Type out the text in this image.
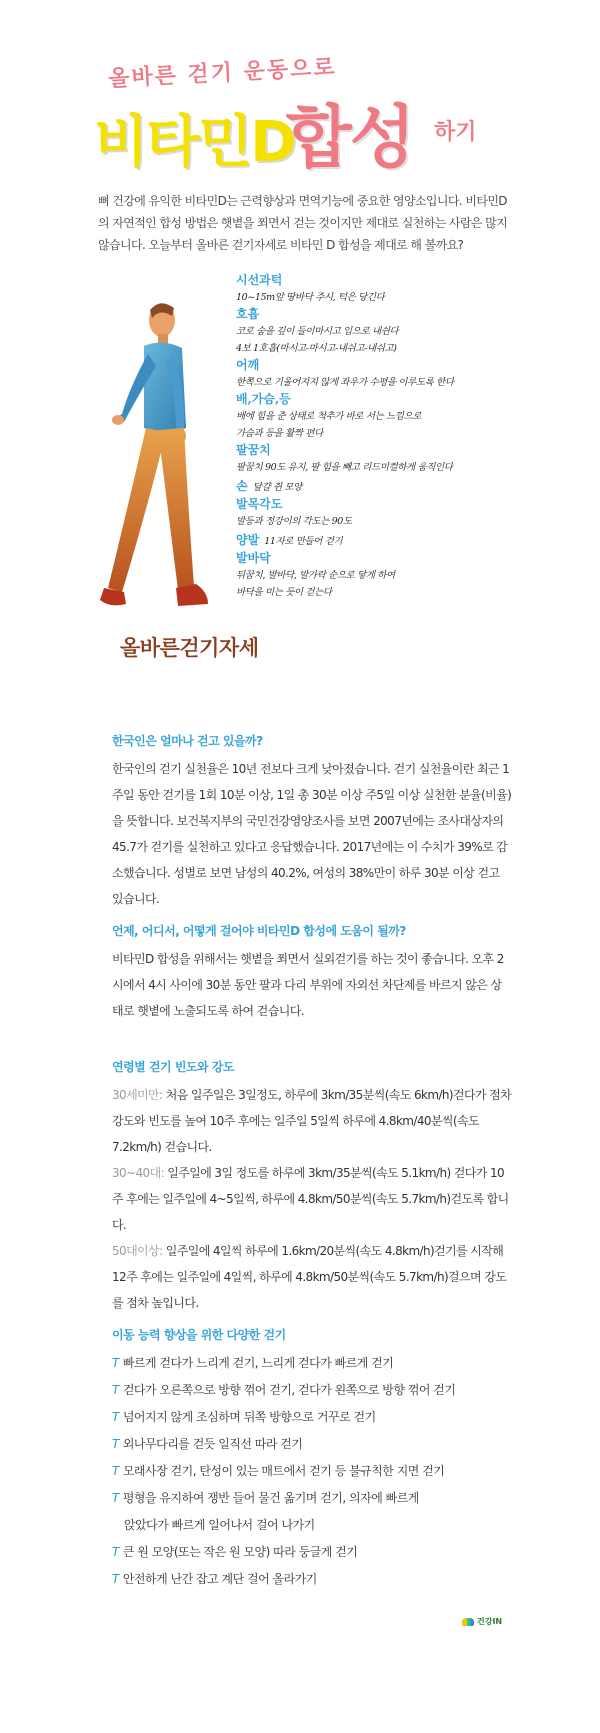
올바른 걷기 운동으로
비타민D
합성 하기

뼈 건강에 유익한 비타민D는 근력향상과 면역기능에 중요한 영양소입니다. 비타민D의 자연적인 합성 방법은 햇볕을 쬐면서 걷는 것이지만 제대로 실천하는 사람은 많지 않습니다. 오늘부터 올바른 걷기자세로 비타민 D 합성을 제대로 해 볼까요?

시선과턱
10~15m앞 땅바닥 주시, 턱은 당긴다
호흡
코로 숨을 깊이 들이마시고 입으로 내쉰다
4보 1호흡(마시고-마시고-내쉬고-내쉬고)
어깨
한쪽으로 기울어지지 않게 좌우가 수평을 이루도록 한다
배,가슴,등
배에 힘을 준 상태로 척추가 바로 서는 느낌으로
가슴과 등을 활짝 편다
팔꿈치
팔꿈치 90도 유지, 팔 힘을 빼고 리드미컬하게 움직인다
손 달걀 쥔 모양
발목각도
발등과 정강이의 각도는 90도
양발 11자로 만들어 걷기
발바닥
뒤꿈치, 발바닥, 발가락 순으로 닿게 하여
바닥을 미는 듯이 걷는다
올바른걷기자세
한국인은 얼마나 걷고 있을까?

한국인의 걷기 실천율은 10년 전보다 크게 낮아졌습니다. 걷기 실천율이란 최근 1주일 동안 걷기를 1회 10분 이상, 1일 총 30분 이상 주5일 이상 실천한 분율(비율)을 뜻합니다. 보건복지부의 국민건강영양조사를 보면 2007년에는 조사대상자의 45.7가 걷기를 실천하고 있다고 응답했습니다. 2017년에는 이 수치가 39%로 감소했습니다. 성별로 보면 남성의 40.2%, 여성의 38%만이 하루 30분 이상 걷고 있습니다.

언제, 어디서, 어떻게 걸어야 비타민D 합성에 도움이 될까?

비타민D 합성을 위해서는 햇볕을 쬐면서 실외걷기를 하는 것이 좋습니다. 오후 2시에서 4시 사이에 30분 동안 팔과 다리 부위에 자외선 차단제를 바르지 않은 상태로 햇볕에 노출되도록 하여 걷습니다.

연령별 걷기 빈도와 강도

30세미만: 처음 일주일은 3일정도, 하루에 3km/35분씩(속도 6km/h)걷다가 점차 강도와 빈도를 높여 10주 후에는 일주일 5일씩 하루에 4.8km/40분씩(속도 7.2km/h) 걷습니다.

30~40대: 일주일에 3일 정도를 하루에 3km/35분씩(속도 5.1km/h) 걷다가 10주 후에는 일주일에 4~5일씩, 하루에 4.8km/50분씩(속도 5.7km/h)걷도록 합니다.

50대이상: 일주일에 4일씩 하루에 1.6km/20분씩(속도 4.8km/h)걷기를 시작해 12주 후에는 일주일에 4일씩, 하루에 4.8km/50분씩(속도 5.7km/h)걸으며 강도를 점차 높입니다.

이동 능력 향상을 위한 다양한 걷기
T 빠르게 걷다가 느리게 걷기, 느리게 걷다가 빠르게 걷기
T 걷다가 오른쪽으로 방향 꺾어 걷기, 걷다가 왼쪽으로 방향 꺾어 걷기
T 넘어지지 않게 조심하며 뒤쪽 방향으로 거꾸로 걷기
T 외나무다리를 걷듯 일직선 따라 걷기
T 모래사장 걷기, 탄성이 있는 매트에서 걷기 등 불규칙한 지면 걷기
T 평형을 유지하여 쟁반 들어 물건 옮기며 걷기, 의자에 빠르게
앉았다가 빠르게 일어나서 걸어 나가기
T 큰 원 모양(또는 작은 원 모양) 따라 둥글게 걷기
T 안전하게 난간 잡고 계단 걸어 올라가기
건강IN
